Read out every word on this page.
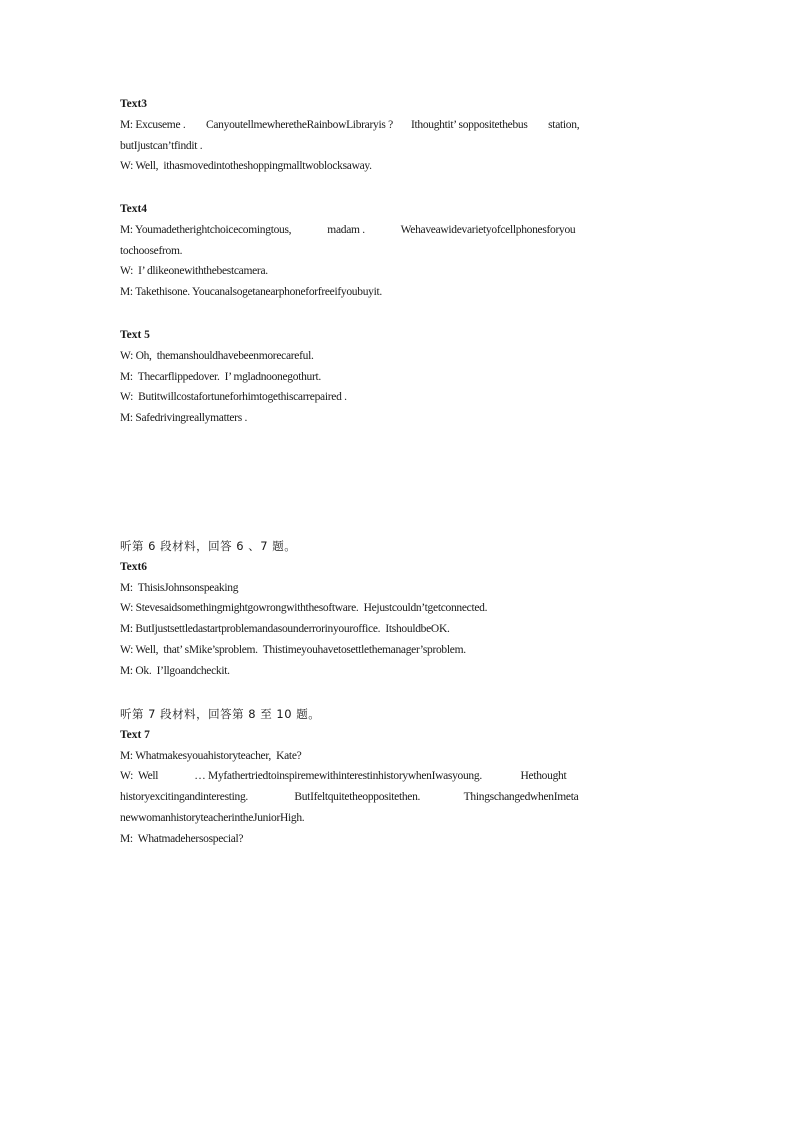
Text3
M: Excuseme .        CanyoutellmewheretheRainbowLibraryis ?       Ithoughtit’ soppositethebus        station,
butIjustcan’tfindit .
W: Well,  ithasmovedintotheshoppingmalltwoblocksaway.
Text4
M: Youmadetherightchoicecomingtous,              madam .              Wehaveawidevarietyofcellphonesforyou
tochoosefrom.
W:  I’ dlikeonewiththebestcamera.
M: Takethisone. Youcanalsogetanearphoneforfreeifyoubuyit.
Text 5
W: Oh,  themanshouldhavebeenmorecareful.
M:  Thecarflippedover.  I’ mgladnoonegothurt.
W:  Butitwillcostafortuneforhimtogethiscarrepaired .
M: Safedrivingreallymatters .
听第 6 段材料，回答 6 、7 题。
Text6
M:  ThisisJohnsonspeaking
W: Stevesaidsomethingmightgowrongwiththesoftware.  Hejustcouldn’tgetconnected.
M: ButIjustsettledastartproblemandasounderrorinyouroffice.  ItshouldbeOK.
W: Well,  that’ sMike’sproblem.  Thistimeyouhavetosettlethemanager’sproblem.
M: Ok.  I’llgoandcheckit.
听第 7 段材料，回答第 8 至 10 题。
Text 7
M: Whatmakesyouahistoryteacher,  Kate?
W:  Well              … MyfathertriedtoinspiremewithinterestinhistorywhenIwasyoung.               Hethought
historyexcitingandinteresting.                  ButIfeltquitetheoppositethen.                 ThingschangedwhenImeta
newwomanhistoryteacherintheJuniorHigh.
M:  Whatmadehersospecial?
